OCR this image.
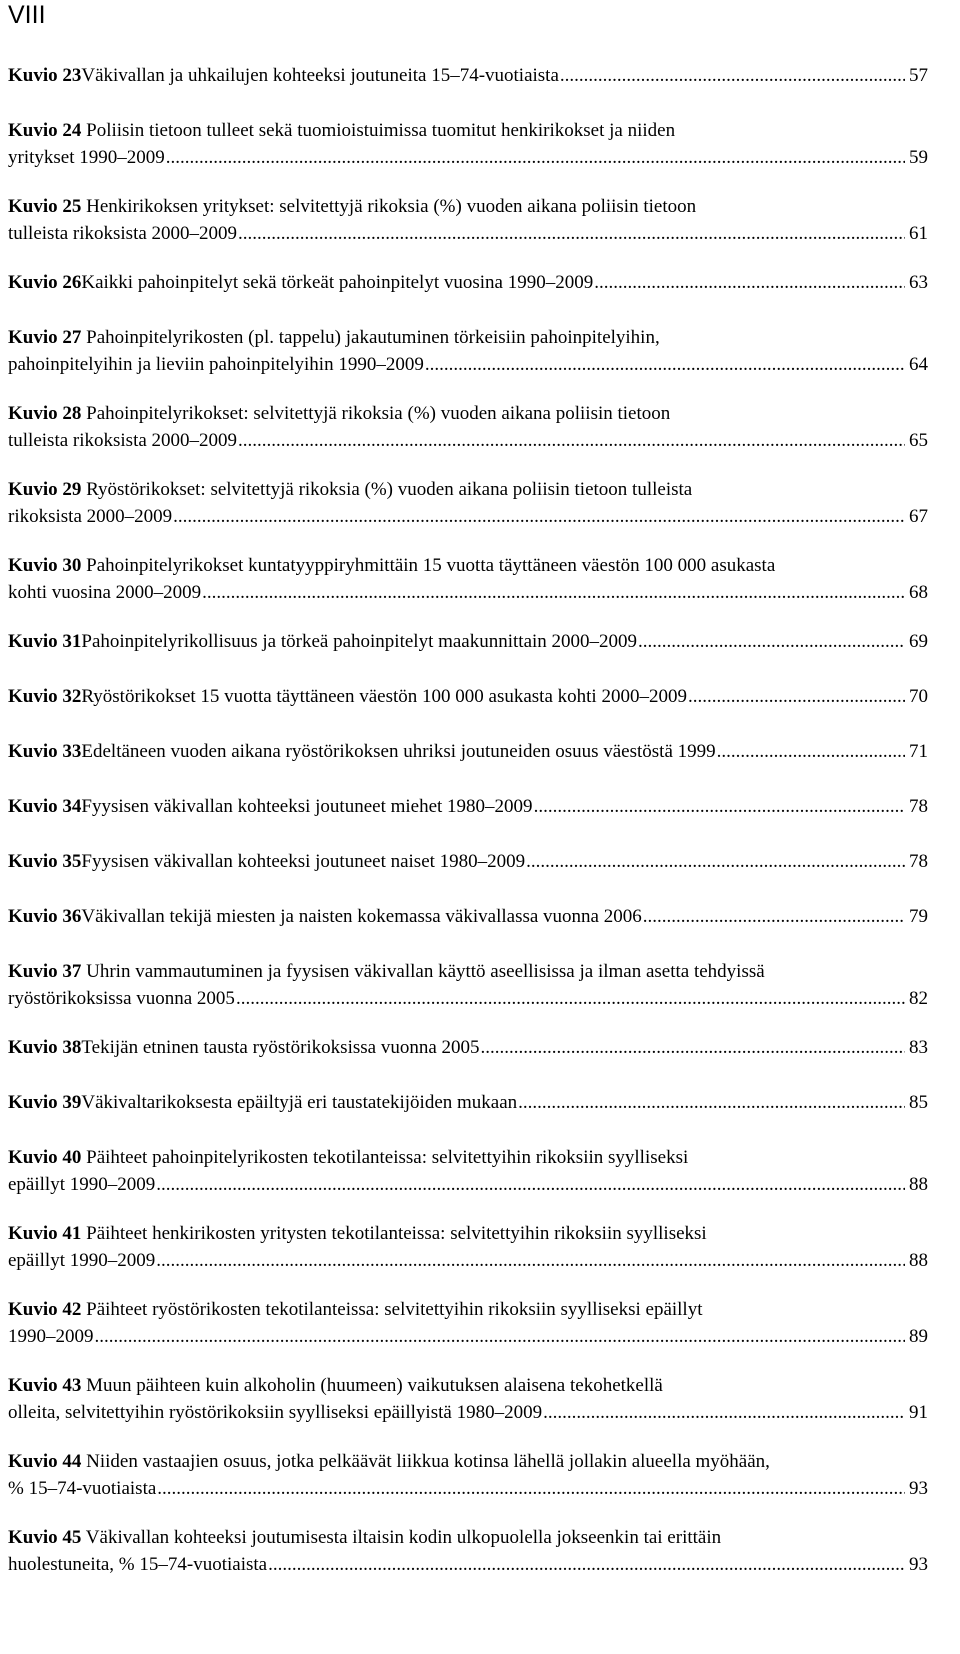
VIII
Kuvio 23 Väkivallan ja uhkailujen kohteeksi joutuneita 15–74-vuotiaista .....	57
Kuvio 24 Poliisin tietoon tulleet sekä tuomioistuimissa tuomitut henkirikokset ja niiden
yritykset 1990–2009 .....	59
Kuvio 25 Henkirikoksen yritykset: selvitettyjä rikoksia (%) vuoden aikana poliisin tietoon
tulleista rikoksista 2000–2009 .....	61
Kuvio 26 Kaikki pahoinpitelyt sekä törkeät pahoinpitelyt vuosina 1990–2009 .....	63
Kuvio 27 Pahoinpitelyrikosten (pl. tappelu) jakautuminen törkeisiin pahoinpitelyihin,
pahoinpitelyihin ja lieviin pahoinpitelyihin 1990–2009 .....	64
Kuvio 28 Pahoinpitelyrikokset: selvitettyjä rikoksia (%) vuoden aikana poliisin tietoon
tulleista rikoksista 2000–2009 .....	65
Kuvio 29 Ryöstörikokset: selvitettyjä rikoksia (%) vuoden aikana poliisin tietoon tulleista
rikoksista 2000–2009 .....	67
Kuvio 30 Pahoinpitelyrikokset kuntatyyppiryhmittäin 15 vuotta täyttäneen väestön 100 000 asukasta
kohti vuosina 2000–2009 .....	68
Kuvio 31 Pahoinpitelyrikollisuus ja törkeä pahoinpitelyt maakunnittain 2000–2009 .....	69
Kuvio 32 Ryöstörikokset 15 vuotta täyttäneen väestön 100 000 asukasta kohti 2000–2009 .....	70
Kuvio 33 Edeltäneen vuoden aikana ryöstörikoksen uhriksi joutuneiden osuus väestöstä 1999 .....	71
Kuvio 34 Fyysisen väkivallan kohteeksi joutuneet miehet 1980–2009 .....	78
Kuvio 35 Fyysisen väkivallan kohteeksi joutuneet naiset 1980–2009 .....	78
Kuvio 36 Väkivallan tekijä miesten ja naisten kokemassa väkivallassa vuonna 2006 .....	79
Kuvio 37 Uhrin vammautuminen ja fyysisen väkivallan käyttö aseellisissa ja ilman asetta tehdyissä
ryöstörikoksissa vuonna 2005 .....	82
Kuvio 38 Tekijän etninen tausta ryöstörikoksissa vuonna 2005 .....	83
Kuvio 39 Väkivaltarikoksesta epäiltyjä eri taustatekijöiden mukaan .....	85
Kuvio 40 Päihteet pahoinpitelyrikosten tekotilanteissa: selvitettyihin rikoksiin syylliseksi
epäillyt 1990–2009 .....	88
Kuvio 41 Päihteet henkirikosten yritysten tekotilanteissa: selvitettyihin rikoksiin syylliseksi
epäillyt 1990–2009 .....	88
Kuvio 42 Päihteet ryöstörikosten tekotilanteissa: selvitettyihin rikoksiin syylliseksi epäillyt
1990–2009 .....	89
Kuvio 43 Muun päihteen kuin alkoholin (huumeen) vaikutuksen alaisena tekohetkellä
olleita, selvitettyihin ryöstörikoksiin syylliseksi epäillyistä 1980–2009 .....	91
Kuvio 44 Niiden vastaajien osuus, jotka pelkäävät liikkua kotinsa lähellä jollakin alueella myöhään,
% 15–74-vuotiaista .....	93
Kuvio 45 Väkivallan kohteeksi joutumisesta iltaisin kodin ulkopuolella jokseenkin tai erittäin
huolestuneita, % 15–74-vuotiaista .....	93
